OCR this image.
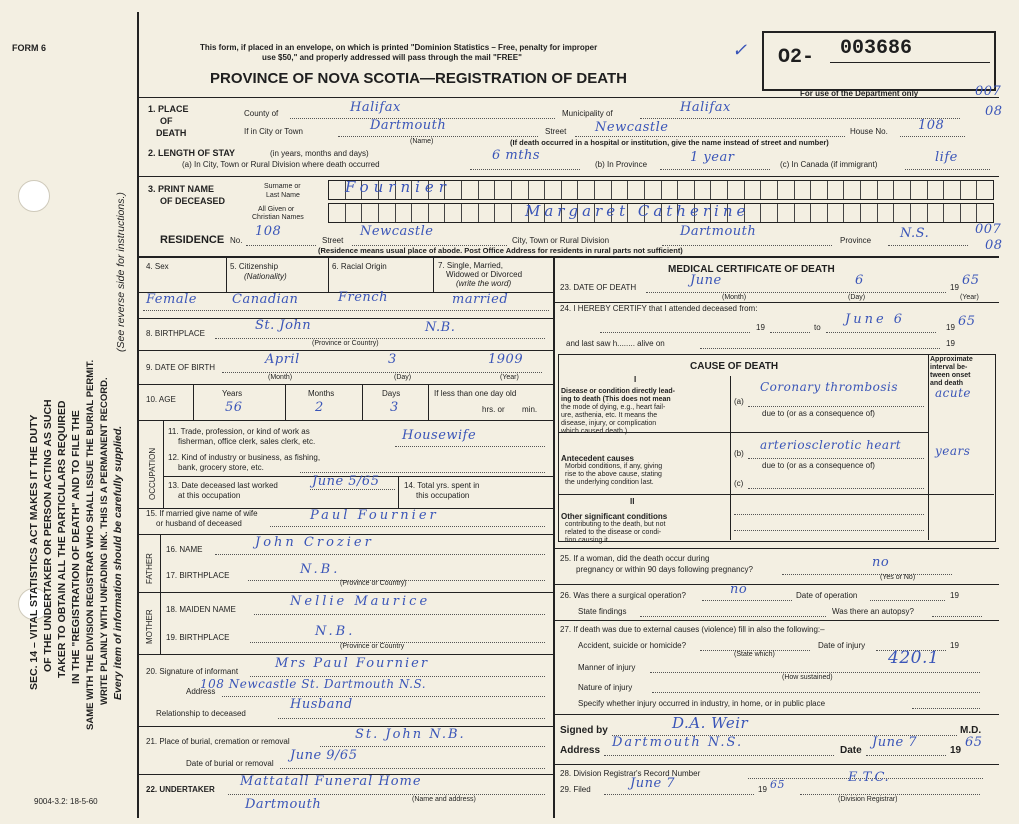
FORM 6
SEC. 14 – VITAL STATISTICS ACT MAKES IT THE DUTY OF THE UNDERTAKER OR PERSON ACTING AS SUCH TAKER TO OBTAIN ALL THE PARTICULARS REQUIRED IN THE "REGISTRATION OF DEATH" AND TO FILE THE SAME WITH THE DIVISION REGISTRAR WHO SHALL ISSUE THE BURIAL PERMIT. WRITE PLAINLY WITH UNFADING INK. THIS IS A PERMANENT RECORD. Every item of information should be carefully supplied.
(See reverse side for instructions.)
This form, if placed in an envelope, on which is printed "Dominion Statistics – Free, penalty for improper
use $50," and properly addressed will pass through the mail "FREE"
PROVINCE OF NOVA SCOTIA—REGISTRATION OF DEATH
✓ O2- 003686
For use of the Department only	007
08
1. PLACE
OF
DEATH
County of	Halifax	Municipality of	Halifax
If in City or Town	Dartmouth
(Name)
Street Newcastle	House No. 108
(If death occurred in a hospital or institution, give the name instead of street and number)
2. LENGTH OF STAY	(in years, months and days)
(a) In City, Town or Rural Division where death occurred
6 mths
(b) In Province	1 year	(c) In Canada (if immigrant)	life
3. PRINT NAME
OF DECEASED
Surname or
Last Name
All Given or
Christian Names
Fournier
Margaret Catherine
RESIDENCE No.
108
Street
Newcastle
City, Town or Rural Division
Dartmouth
Province N.S.	007
08
(Residence means usual place of abode. Post Office Address for residents in rural parts not sufficient)
4. Sex	5. Citizenship
(Nationality)
6. Racial Origin	7. Single, Married,
Widowed or Divorced
(write the word)
Female	Canadian	French	married
8. BIRTHPLACE
St. John	N.B.
(Province or Country)
9. DATE OF BIRTH
April	3	1909
(Month)	(Day)	(Year)
10. AGE
Years	Months	Days	If less than one day old
hrs. or min.
56	2	3
OCCUPATION
11. Trade, profession, or kind of work as
fisherman, office clerk, sales clerk, etc.	Housewife
12. Kind of industry or business, as fishing,
bank, grocery store, etc.
13. Date deceased last worked
at this occupation
June 5/65	14. Total yrs. spent in
this occupation
15. If married give name of wife
or husband of deceased
Paul Fournier
FATHER
16. NAME	John Crozier
17. BIRTHPLACE	N.B.
(Province or Country)
MOTHER 18. MAIDEN NAME
Nellie Maurice
19. BIRTHPLACE	N.B.
(Province or Country
20. Signature of informant
Mrs Paul Fournier
Address
108 Newcastle St. Dartmouth N.S.
Relationship to deceased
Husband
21. Place of burial, cremation or removal	St. John N.B.
Date of burial or removal
June 9/65
22. UNDERTAKER
Mattatall Funeral Home
Dartmouth	(Name and address)
9004-3.2: 18-5-60
MEDICAL CERTIFICATE OF DEATH
23. DATE OF DEATH	June	6	19 65
(Month)	(Day)	(Year)
24. I HEREBY CERTIFY that I attended deceased from:
19	to
June 6
19 65
and last saw h........ alive on	19
CAUSE OF DEATH
Approximate
interval be-
tween onset
and death
I
Disease or condition directly lead-
ing to death (This does not mean
the mode of dying, e.g., heart fail-
ure, asthenia, etc. It means the
disease, injury, or complication
(a)
Coronary thrombosis	acute
due to (or as a consequence of)
Antecedent causes
Morbid conditions, if any, giving
rise to the above cause, stating
the underlying condition last.
(b)
arteriosclerotic heart	years
due to (or as a consequence of)
(c)
II
Other significant conditions
contributing to the death, but not
related to the disease or condi-
tion causing it.
25. If a woman, did the death occur during
pregnancy or within 90 days following pregnancy?	no
(Yes or No)
26. Was there a surgical operation?	no	Date of operation	19
State findings	Was there an autopsy?
27. If death was due to external causes (violence) fill in also the following:–
Accident, suicide or homicide?
(State which)
Date of injury	19
Manner of injury	420.1
(How sustained)
Nature of injury
Specify whether injury occurred in industry, in home, or in public place
Signed by	D.A. Weir	M.D.
Address
Dartmouth N.S.
Date
June 7
19
65
28. Division Registrar's Record Number
29. Filed	June 7	19 65	E.T.C.
(Division Registrar)
